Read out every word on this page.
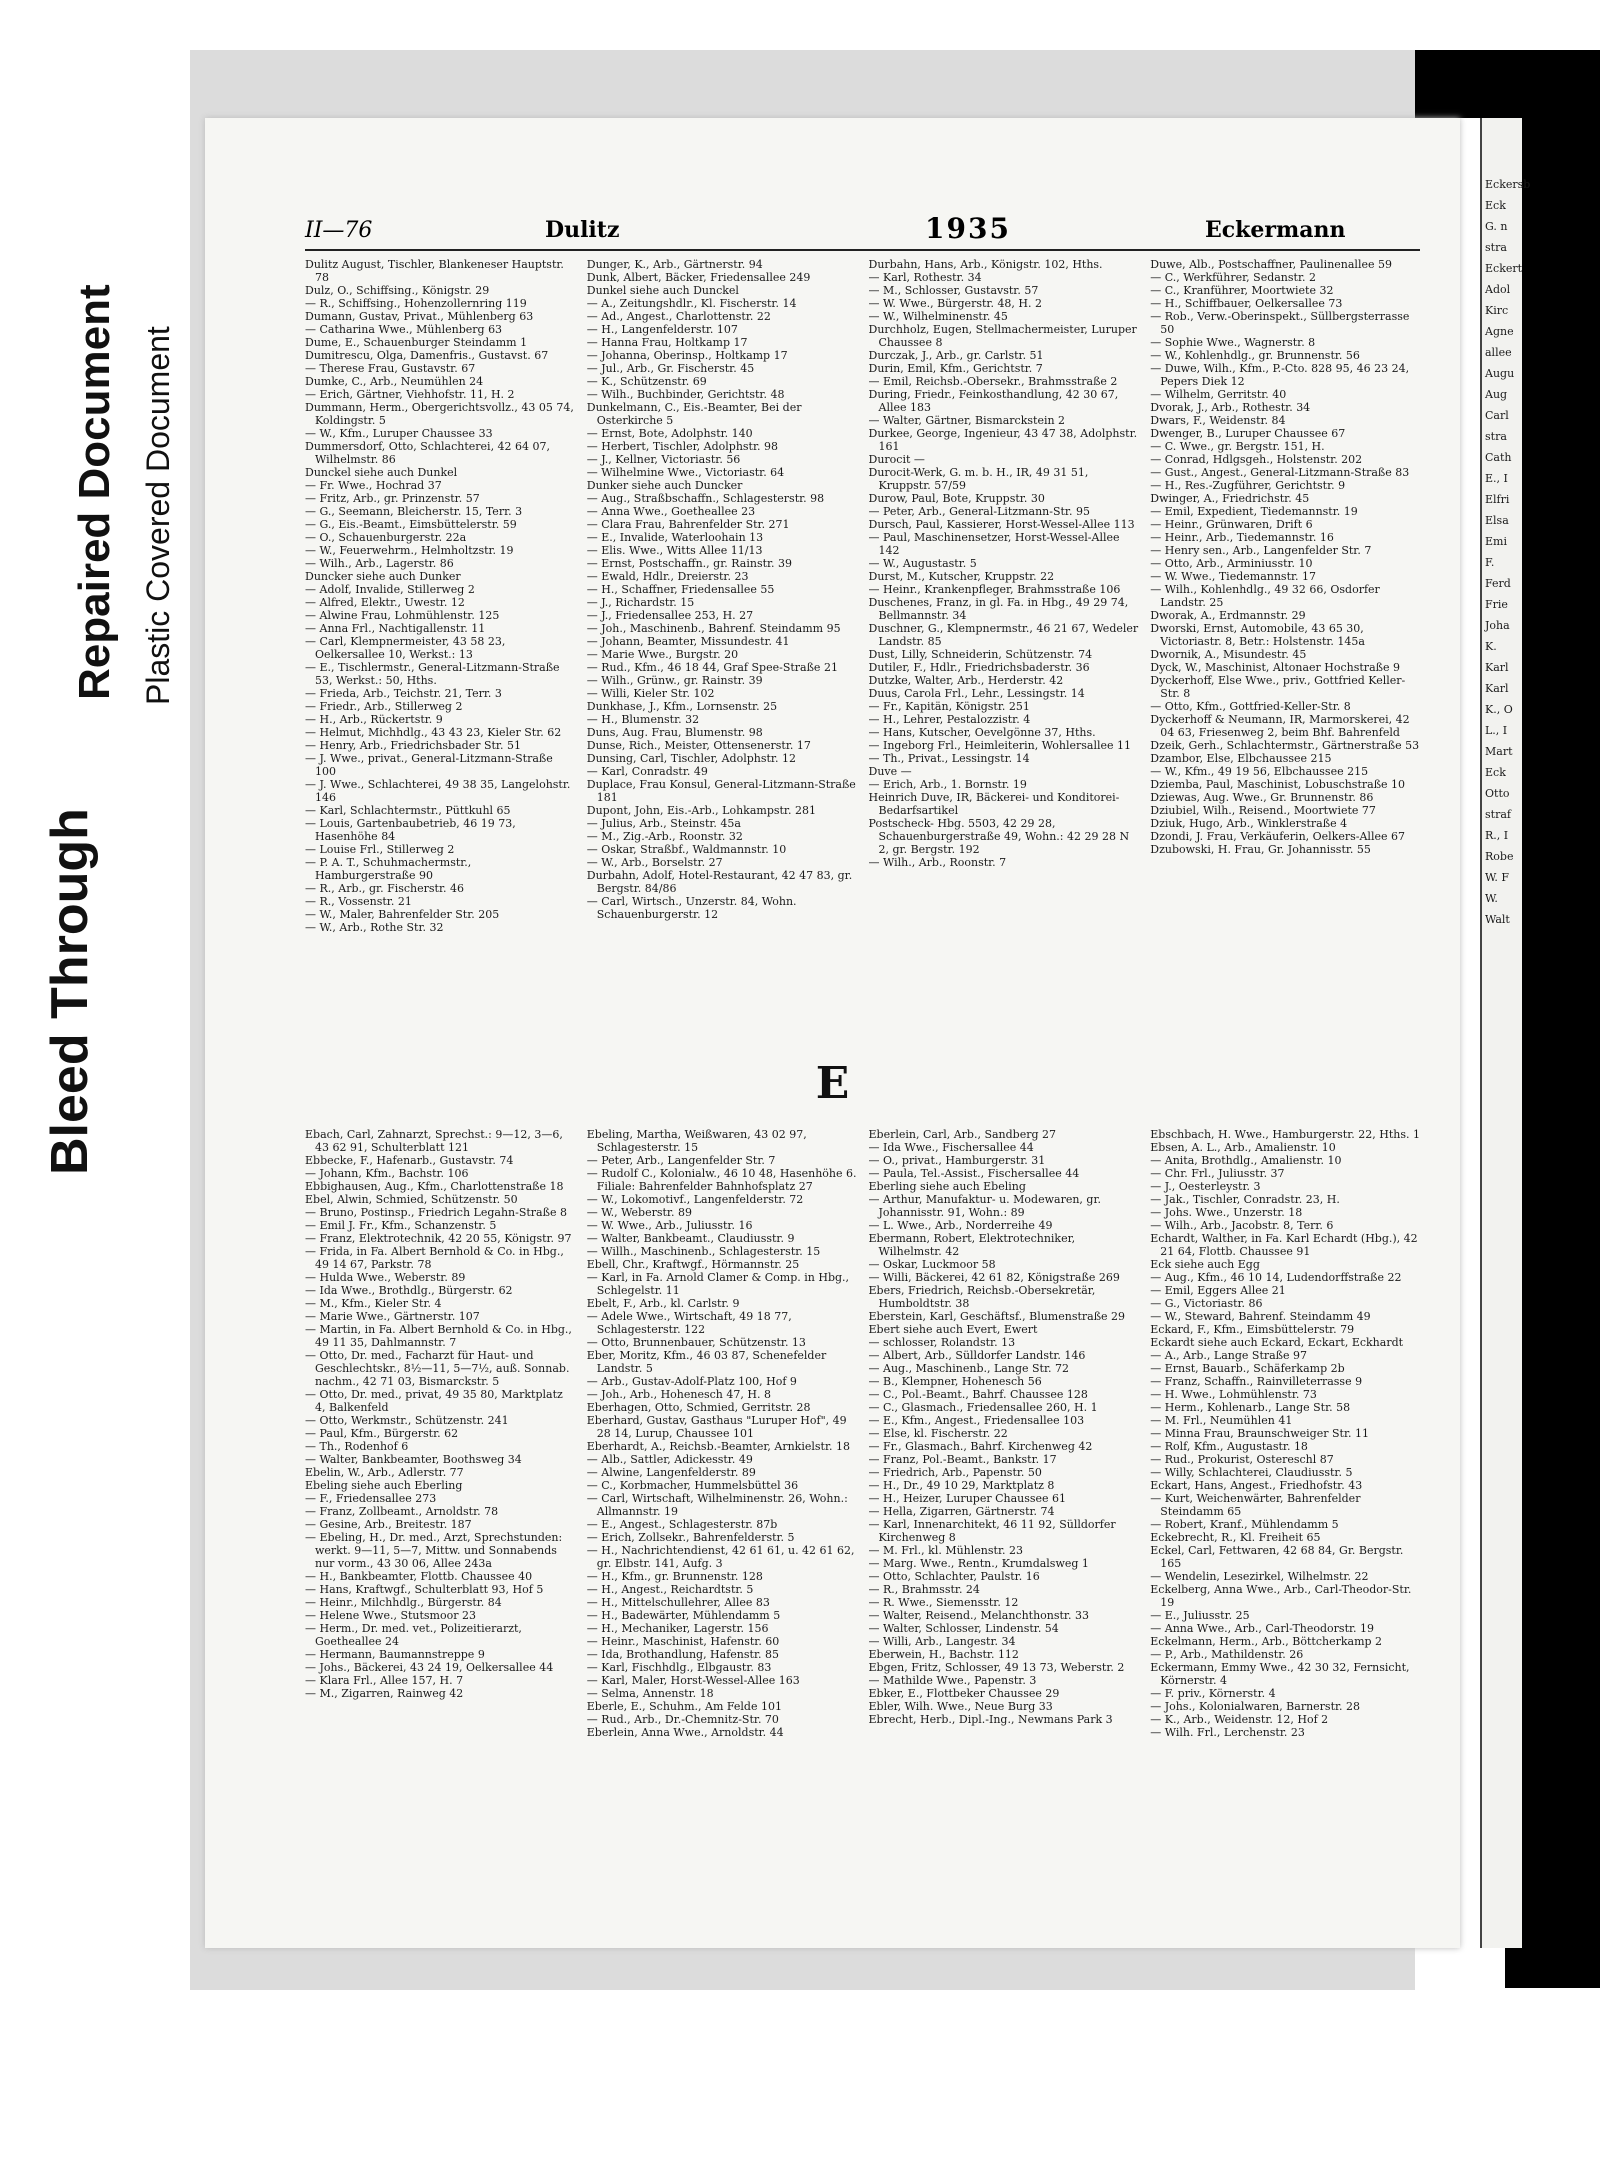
Bleed Through
Repaired Document Plastic Covered Document
II—76	Dulitz	1935	Eckermann
Dulitz August, Tischler, Blankeneser Hauptstr. 78
Dulz, O., Schiffsing., Königstr. 29
— R., Schiffsing., Hohenzollernring 119
Dumann, Gustav, Privat., Mühlenberg 63
— Catharina Wwe., Mühlenberg 63
Dume, E., Schauenburger Steindamm 1
Dumitrescu, Olga, Damenfris., Gustavst. 67
— Therese Frau, Gustavstr. 67
Dumke, C., Arb., Neumühlen 24
— Erich, Gärtner, Viehhofstr. 11, H. 2
Dummann, Herm., Obergerichtsvollz., 43 05 74, Koldingstr. 5
— W., Kfm., Luruper Chaussee 33
Dummersdorf, Otto, Schlachterei, 42 64 07, Wilhelmstr. 86
Dunckel siehe auch Dunkel
— Fr. Wwe., Hochrad 37
— Fritz, Arb., gr. Prinzenstr. 57
— G., Seemann, Bleicherstr. 15, Terr. 3
— G., Eis.-Beamt., Eimsbüttelerstr. 59
— O., Schauenburgerstr. 22a
— W., Feuerwehrm., Helmholtzstr. 19
— Wilh., Arb., Lagerstr. 86
Duncker siehe auch Dunker
— Adolf, Invalide, Stillerweg 2
— Alfred, Elektr., Uwestr. 12
— Alwine Frau, Lohmühlenstr. 125
— Anna Frl., Nachtigallenstr. 11
— Carl, Klempnermeister, 43 58 23, Oelkersallee 10, Werkst.: 13
— E., Tischlermstr., General-Litzmann-Straße 53, Werkst.: 50, Hths.
— Frieda, Arb., Teichstr. 21, Terr. 3
— Friedr., Arb., Stillerweg 2
— H., Arb., Rückertstr. 9
— Helmut, Michhdlg., 43 43 23, Kieler Str. 62
— Henry, Arb., Friedrichsbader Str. 51
— J. Wwe., privat., General-Litzmann-Straße 100
— J. Wwe., Schlachterei, 49 38 35, Langelohstr. 146
— Karl, Schlachtermstr., Püttkuhl 65
— Louis, Gartenbaubetrieb, 46 19 73, Hasenhöhe 84
— Louise Frl., Stillerweg 2
— P. A. T., Schuhmachermstr., Hamburgerstraße 90
— R., Arb., gr. Fischerstr. 46
— R., Vossenstr. 21
— W., Maler, Bahrenfelder Str. 205
— W., Arb., Rothe Str. 32
Dunger, K., Arb., Gärtnerstr. 94
Dunk, Albert, Bäcker, Friedensallee 249
Dunkel siehe auch Dunckel
— A., Zeitungshdlr., Kl. Fischerstr. 14
— Ad., Angest., Charlottenstr. 22
— H., Langenfelderstr. 107
— Hanna Frau, Holtkamp 17
— Johanna, Oberinsp., Holtkamp 17
— Jul., Arb., Gr. Fischerstr. 45
— K., Schützenstr. 69
— Wilh., Buchbinder, Gerichtstr. 48
Dunkelmann, C., Eis.-Beamter, Bei der Osterkirche 5
— Ernst, Bote, Adolphstr. 140
— Herbert, Tischler, Adolphstr. 98
— J., Kellner, Victoriastr. 56
— Wilhelmine Wwe., Victoriastr. 64
Dunker siehe auch Duncker
— Aug., Straßbschaffn., Schlagesterstr. 98
— Anna Wwe., Goetheallee 23
— Clara Frau, Bahrenfelder Str. 271
— E., Invalide, Waterloohain 13
— Elis. Wwe., Witts Allee 11/13
— Ernst, Postschaffn., gr. Rainstr. 39
— Ewald, Hdlr., Dreierstr. 23
— H., Schaffner, Friedensallee 55
— J., Richardstr. 15
— J., Friedensallee 253, H. 27
— Joh., Maschinenb., Bahrenf. Steindamm 95
— Johann, Beamter, Missundestr. 41
— Marie Wwe., Burgstr. 20
— Rud., Kfm., 46 18 44, Graf Spee-Straße 21
— Wilh., Grünw., gr. Rainstr. 39
— Willi, Kieler Str. 102
Dunkhase, J., Kfm., Lornsenstr. 25
— H., Blumenstr. 32
Duns, Aug. Frau, Blumenstr. 98
Dunse, Rich., Meister, Ottensenerstr. 17
Dunsing, Carl, Tischler, Adolphstr. 12
— Karl, Conradstr. 49
Duplace, Frau Konsul, General-Litzmann-Straße 181
Dupont, John, Eis.-Arb., Lohkampstr. 281
— Julius, Arb., Steinstr. 45a
— M., Zig.-Arb., Roonstr. 32
— Oskar, Straßbf., Waldmannstr. 10
— W., Arb., Borselstr. 27
Durbahn, Adolf, Hotel-Restaurant, 42 47 83, gr. Bergstr. 84/86
— Carl, Wirtsch., Unzerstr. 84, Wohn. Schauenburgerstr. 12
Durbahn, Hans, Arb., Königstr. 102, Hths.
— Karl, Rothestr. 34
— M., Schlosser, Gustavstr. 57
— W. Wwe., Bürgerstr. 48, H. 2
— W., Wilhelminenstr. 45
Durchholz, Eugen, Stellmachermeister, Luruper Chaussee 8
Durczak, J., Arb., gr. Carlstr. 51
Durin, Emil, Kfm., Gerichtstr. 7
— Emil, Reichsb.-Obersekr., Brahmsstraße 2
During, Friedr., Feinkosthandlung, 42 30 67, Allee 183
— Walter, Gärtner, Bismarckstein 2
Durkee, George, Ingenieur, 43 47 38, Adolphstr. 161
Durocit —
Durocit-Werk, G. m. b. H., IR, 49 31 51, Kruppstr. 57/59
Durow, Paul, Bote, Kruppstr. 30
— Peter, Arb., General-Litzmann-Str. 95
Dursch, Paul, Kassierer, Horst-Wessel-Allee 113
— Paul, Maschinensetzer, Horst-Wessel-Allee 142
— W., Augustastr. 5
Durst, M., Kutscher, Kruppstr. 22
— Heinr., Krankenpfleger, Brahmsstraße 106
Duschenes, Franz, in gl. Fa. in Hbg., 49 29 74, Bellmannstr. 34
Duschner, G., Klempnermstr., 46 21 67, Wedeler Landstr. 85
Dust, Lilly, Schneiderin, Schützenstr. 74
Dutiler, F., Hdlr., Friedrichsbaderstr. 36
Dutzke, Walter, Arb., Herderstr. 42
Duus, Carola Frl., Lehr., Lessingstr. 14
— Fr., Kapitän, Königstr. 251
— H., Lehrer, Pestalozzistr. 4
— Hans, Kutscher, Oevelgönne 37, Hths.
— Ingeborg Frl., Heimleiterin, Wohlersallee 11
— Th., Privat., Lessingstr. 14
Duve —
— Erich, Arb., 1. Bornstr. 19
Heinrich Duve, IR, Bäckerei- und Konditorei-Bedarfsartikel
Postscheck- Hbg. 5503, 42 29 28, Schauenburgerstraße 49, Wohn.: 42 29 28 N 2, gr. Bergstr. 192
— Wilh., Arb., Roonstr. 7
Duwe, Alb., Postschaffner, Paulinenallee 59
— C., Werkführer, Sedanstr. 2
— C., Kranführer, Moortwiete 32
— H., Schiffbauer, Oelkersallee 73
— Rob., Verw.-Oberinspekt., Süllbergsterrasse 50
— Sophie Wwe., Wagnerstr. 8
— W., Kohlenhdlg., gr. Brunnenstr. 56
— Duwe, Wilh., Kfm., P.-Cto. 828 95, 46 23 24, Pepers Diek 12
— Wilhelm, Gerritstr. 40
Dvorak, J., Arb., Rothestr. 34
Dwars, F., Weidenstr. 84
Dwenger, B., Luruper Chaussee 67
— C. Wwe., gr. Bergstr. 151, H.
— Conrad, Hdlgsgeh., Holstenstr. 202
— Gust., Angest., General-Litzmann-Straße 83
— H., Res.-Zugführer, Gerichtstr. 9
Dwinger, A., Friedrichstr. 45
— Emil, Expedient, Tiedemannstr. 19
— Heinr., Grünwaren, Drift 6
— Heinr., Arb., Tiedemannstr. 16
— Henry sen., Arb., Langenfelder Str. 7
— Otto, Arb., Arminiusstr. 10
— W. Wwe., Tiedemannstr. 17
— Wilh., Kohlenhdlg., 49 32 66, Osdorfer Landstr. 25
Dworak, A., Erdmannstr. 29
Dworski, Ernst, Automobile, 43 65 30, Victoriastr. 8, Betr.: Holstenstr. 145a
Dwornik, A., Misundestr. 45
Dyck, W., Maschinist, Altonaer Hochstraße 9
Dyckerhoff, Else Wwe., priv., Gottfried Keller-Str. 8
— Otto, Kfm., Gottfried-Keller-Str. 8
Dyckerhoff & Neumann, IR, Marmorskerei, 42 04 63, Friesenweg 2, beim Bhf. Bahrenfeld
Dzeik, Gerh., Schlachtermstr., Gärtnerstraße 53
Dzambor, Else, Elbchaussee 215
— W., Kfm., 49 19 56, Elbchaussee 215
Dziemba, Paul, Maschinist, Lobuschstraße 10
Dziewas, Aug. Wwe., Gr. Brunnenstr. 86
Dziubiel, Wilh., Reisend., Moortwiete 77
Dziuk, Hugo, Arb., Winklerstraße 4
Dzondi, J. Frau, Verkäuferin, Oelkers-Allee 67
Dzubowski, H. Frau, Gr. Johannisstr. 55
E
Ebach, Carl, Zahnarzt, Sprechst.: 9—12, 3—6, 43 62 91, Schulterblatt 121
Ebbecke, F., Hafenarb., Gustavstr. 74
— Johann, Kfm., Bachstr. 106
Ebbighausen, Aug., Kfm., Charlottenstraße 18
Ebel, Alwin, Schmied, Schützenstr. 50
— Bruno, Postinsp., Friedrich Legahn-Straße 8
— Emil J. Fr., Kfm., Schanzenstr. 5
— Franz, Elektrotechnik, 42 20 55, Königstr. 97
— Frida, in Fa. Albert Bernhold & Co. in Hbg., 49 14 67, Parkstr. 78
— Hulda Wwe., Weberstr. 89
— Ida Wwe., Brothdlg., Bürgerstr. 62
— M., Kfm., Kieler Str. 4
— Marie Wwe., Gärtnerstr. 107
— Martin, in Fa. Albert Bernhold & Co. in Hbg., 49 11 35, Dahlmannstr. 7
— Otto, Dr. med., Facharzt für Haut- und Geschlechtskr., 8½—11, 5—7½, auß. Sonnab. nachm., 42 71 03, Bismarckstr. 5
— Otto, Dr. med., privat, 49 35 80, Marktplatz 4, Balkenfeld
— Otto, Werkmstr., Schützenstr. 241
— Paul, Kfm., Bürgerstr. 62
— Th., Rodenhof 6
— Walter, Bankbeamter, Boothsweg 34
Ebelin, W., Arb., Adlerstr. 77
Ebeling siehe auch Eberling
— F., Friedensallee 273
— Franz, Zollbeamt., Arnoldstr. 78
— Gesine, Arb., Breitestr. 187
— Ebeling, H., Dr. med., Arzt, Sprechstunden: werkt. 9—11, 5—7, Mittw. und Sonnabends nur vorm., 43 30 06, Allee 243a
— H., Bankbeamter, Flottb. Chaussee 40
— Hans, Kraftwgf., Schulterblatt 93, Hof 5
— Heinr., Milchhdlg., Bürgerstr. 84
— Helene Wwe., Stutsmoor 23
— Herm., Dr. med. vet., Polizeitierarzt, Goetheallee 24
— Hermann, Baumannstreppe 9
— Johs., Bäckerei, 43 24 19, Oelkersallee 44
— Klara Frl., Allee 157, H. 7
— M., Zigarren, Rainweg 42
Ebeling, Martha, Weißwaren, 43 02 97, Schlagesterstr. 15
— Peter, Arb., Langenfelder Str. 7
— Rudolf C., Kolonialw., 46 10 48, Hasenhöhe 6. Filiale: Bahrenfelder Bahnhofsplatz 27
— W., Lokomotivf., Langenfelderstr. 72
— W., Weberstr. 89
— W. Wwe., Arb., Juliusstr. 16
— Walter, Bankbeamt., Claudiusstr. 9
— Willh., Maschinenb., Schlagesterstr. 15
Ebell, Chr., Kraftwgf., Hörmannstr. 25
— Karl, in Fa. Arnold Clamer & Comp. in Hbg., Schlegelstr. 11
Ebelt, F., Arb., kl. Carlstr. 9
— Adele Wwe., Wirtschaft, 49 18 77, Schlagesterstr. 122
— Otto, Brunnenbauer, Schützenstr. 13
Eber, Moritz, Kfm., 46 03 87, Schenefelder Landstr. 5
— Arb., Gustav-Adolf-Platz 100, Hof 9
— Joh., Arb., Hohenesch 47, H. 8
Eberhagen, Otto, Schmied, Gerritstr. 28
Eberhard, Gustav, Gasthaus "Luruper Hof", 49 28 14, Lurup, Chaussee 101
Eberhardt, A., Reichsb.-Beamter, Arnkielstr. 18
— Alb., Sattler, Adickesstr. 49
— Alwine, Langenfelderstr. 89
— C., Korbmacher, Hummelsbüttel 36
— Carl, Wirtschaft, Wilhelminenstr. 26, Wohn.: Allmannstr. 19
— E., Angest., Schlagesterstr. 87b
— Erich, Zollsekr., Bahrenfelderstr. 5
— H., Nachrichtendienst, 42 61 61, u. 42 61 62, gr. Elbstr. 141, Aufg. 3
— H., Kfm., gr. Brunnenstr. 128
— H., Angest., Reichardtstr. 5
— H., Mittelschullehrer, Allee 83
— H., Badewärter, Mühlendamm 5
— H., Mechaniker, Lagerstr. 156
— Heinr., Maschinist, Hafenstr. 60
— Ida, Brothandlung, Hafenstr. 85
— Karl, Fischhdlg., Elbgaustr. 83
— Karl, Maler, Horst-Wessel-Allee 163
— Selma, Annenstr. 18
Eberle, E., Schuhm., Am Felde 101
— Rud., Arb., Dr.-Chemnitz-Str. 70
Eberlein, Anna Wwe., Arnoldstr. 44
Eberlein, Carl, Arb., Sandberg 27
— Ida Wwe., Fischersallee 44
— O., privat., Hamburgerstr. 31
— Paula, Tel.-Assist., Fischersallee 44
Eberling siehe auch Ebeling
— Arthur, Manufaktur- u. Modewaren, gr. Johannisstr. 91, Wohn.: 89
— L. Wwe., Arb., Norderreihe 49
Ebermann, Robert, Elektrotechniker, Wilhelmstr. 42
— Oskar, Luckmoor 58
— Willi, Bäckerei, 42 61 82, Königstraße 269
Ebers, Friedrich, Reichsb.-Obersekretär, Humboldtstr. 38
Eberstein, Karl, Geschäftsf., Blumenstraße 29
Ebert siehe auch Evert, Ewert
— schlosser, Rolandstr. 13
— Albert, Arb., Sülldorfer Landstr. 146
— Aug., Maschinenb., Lange Str. 72
— B., Klempner, Hohenesch 56
— C., Pol.-Beamt., Bahrf. Chaussee 128
— C., Glasmach., Friedensallee 260, H. 1
— E., Kfm., Angest., Friedensallee 103
— Else, kl. Fischerstr. 22
— Fr., Glasmach., Bahrf. Kirchenweg 42
— Franz, Pol.-Beamt., Bankstr. 17
— Friedrich, Arb., Papenstr. 50
— H., Dr., 49 10 29, Marktplatz 8
— H., Heizer, Luruper Chaussee 61
— Hella, Zigarren, Gärtnerstr. 74
— Karl, Innenarchitekt, 46 11 92, Sülldorfer Kirchenweg 8
— M. Frl., kl. Mühlenstr. 23
— Marg. Wwe., Rentn., Krumdalsweg 1
— Otto, Schlachter, Paulstr. 16
— R., Brahmsstr. 24
— R. Wwe., Siemensstr. 12
— Walter, Reisend., Melanchthonstr. 33
— Walter, Schlosser, Lindenstr. 54
— Willi, Arb., Langestr. 34
Eberwein, H., Bachstr. 112
Ebgen, Fritz, Schlosser, 49 13 73, Weberstr. 2
— Mathilde Wwe., Papenstr. 3
Ebker, E., Flottbeker Chaussee 29
Ebler, Wilh. Wwe., Neue Burg 33
Ebrecht, Herb., Dipl.-Ing., Newmans Park 3
Ebschbach, H. Wwe., Hamburgerstr. 22, Hths. 1
Ebsen, A. L., Arb., Amalienstr. 10
— Anita, Brothdlg., Amalienstr. 10
— Chr. Frl., Juliusstr. 37
— J., Oesterleystr. 3
— Jak., Tischler, Conradstr. 23, H.
— Johs. Wwe., Unzerstr. 18
— Wilh., Arb., Jacobstr. 8, Terr. 6
Echardt, Walther, in Fa. Karl Echardt (Hbg.), 42 21 64, Flottb. Chaussee 91
Eck siehe auch Egg
— Aug., Kfm., 46 10 14, Ludendorffstraße 22
— Emil, Eggers Allee 21
— G., Victoriastr. 86
— W., Steward, Bahrenf. Steindamm 49
Eckard, F., Kfm., Eimsbüttelerstr. 79
Eckardt siehe auch Eckard, Eckart, Eckhardt
— A., Arb., Lange Straße 97
— Ernst, Bauarb., Schäferkamp 2b
— Franz, Schaffn., Rainvilleterrasse 9
— H. Wwe., Lohmühlenstr. 73
— Herm., Kohlenarb., Lange Str. 58
— M. Frl., Neumühlen 41
— Minna Frau, Braunschweiger Str. 11
— Rolf, Kfm., Augustastr. 18
— Rud., Prokurist, Ostereschl 87
— Willy, Schlachterei, Claudiusstr. 5
Eckart, Hans, Angest., Friedhofstr. 43
— Kurt, Weichenwärter, Bahrenfelder Steindamm 65
— Robert, Kranf., Mühlendamm 5
Eckebrecht, R., Kl. Freiheit 65
Eckel, Carl, Fettwaren, 42 68 84, Gr. Bergstr. 165
— Wendelin, Lesezirkel, Wilhelmstr. 22
Eckelberg, Anna Wwe., Arb., Carl-Theodor-Str. 19
— E., Juliusstr. 25
— Anna Wwe., Arb., Carl-Theodorstr. 19
Eckelmann, Herm., Arb., Böttcherkamp 2
— P., Arb., Mathildenstr. 26
Eckermann, Emmy Wwe., 42 30 32, Fernsicht, Körnerstr. 4
— F. priv., Körnerstr. 4
— Johs., Kolonialwaren, Barnerstr. 28
— K., Arb., Weidenstr. 12, Hof 2
— Wilh. Frl., Lerchenstr. 23
Eckersb
Eck
G. n
stra
Eckert
Adol
Kirc
Agne
allee
Augu
Aug
Carl
stra
Cath
E., I
Elfri
Elsa
Emi
F.
Ferd
Frie
Joha
K.
Karl
Karl
K., O
L., I
Mart
Eck
Otto
straf
R., I
Robe
W. F
W.
Walt
